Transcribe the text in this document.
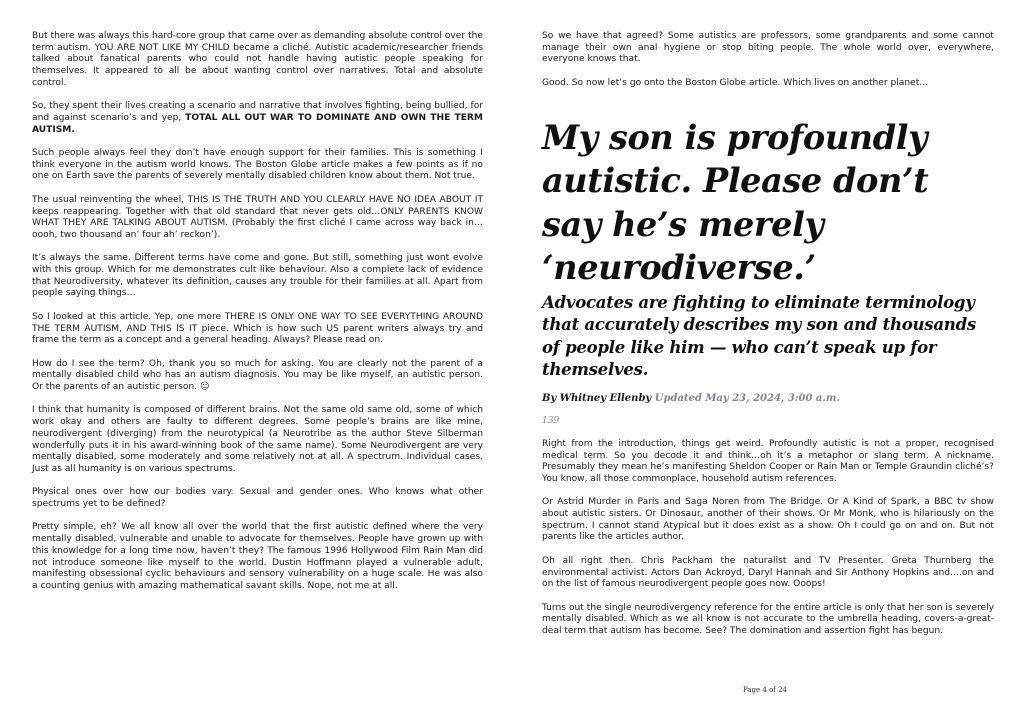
But there was always this hard-core group that came over as demanding absolute control over the term autism. YOU ARE NOT LIKE MY CHILD became a cliché. Autistic academic/researcher friends talked about fanatical parents who could not handle having autistic people speaking for themselves. It appeared to all be about wanting control over narratives. Total and absolute control.

So, they spent their lives creating a scenario and narrative that involves fighting, being bullied, for and against scenario’s and yep, TOTAL ALL OUT WAR TO DOMINATE AND OWN THE TERM AUTISM.

Such people always feel they don’t have enough support for their families. This is something I think everyone in the autism world knows. The Boston Globe article makes a few points as if no one on Earth save the parents of severely mentally disabled children know about them. Not true.

The usual reinventing the wheel, THIS IS THE TRUTH AND YOU CLEARLY HAVE NO IDEA ABOUT IT keeps reappearing. Together with that old standard that never gets old…ONLY PARENTS KNOW WHAT THEY ARE TALKING ABOUT AUTISM. (Probably the first cliché I came across way back in…oooh, two thousand an’ four ah’ reckon’).

It’s always the same. Different terms have come and gone. But still, something just wont evolve with this group. Which for me demonstrates cult like behaviour. Also a complete lack of evidence that Neurodiversity, whatever its definition, causes any trouble for their families at all. Apart from people saying things…

So I looked at this article. Yep, one more THERE IS ONLY ONE WAY TO SEE EVERYTHING AROUND THE TERM AUTISM, AND THIS IS IT piece. Which is how such US parent writers always try and frame the term as a concept and a general heading. Always? Please read on.

How do I see the term? Oh, thank you so much for asking. You are clearly not the parent of a mentally disabled child who has an autism diagnosis. You may be like myself, an autistic person. Or the parents of an autistic person. ☺

I think that humanity is composed of different brains. Not the same old same old, some of which work okay and others are faulty to different degrees. Some people’s brains are like mine, neurodivergent (diverging) from the neurotypical (a Neurotribe as the author Steve Silberman wonderfully puts it in his award-winning book of the same name). Some Neurodivergent are very mentally disabled, some moderately and some relatively not at all. A spectrum. Individual cases. Just as all humanity is on various spectrums.

Physical ones over how our bodies vary. Sexual and gender ones. Who knows what other spectrums yet to be defined?

Pretty simple, eh? We all know all over the world that the first autistic defined where the very mentally disabled, vulnerable and unable to advocate for themselves. People have grown up with this knowledge for a long time now, haven’t they? The famous 1996 Hollywood Film Rain Man did not introduce someone like myself to the world. Dustin Hoffmann played a vulnerable adult, manifesting obsessional cyclic behaviours and sensory vulnerability on a huge scale. He was also a counting genius with amazing mathematical savant skills. Nope, not me at all.

So we have that agreed? Some autistics are professors, some grandparents and some cannot manage their own anal hygiene or stop biting people. The whole world over, everywhere, everyone knows that.

Good. So now let’s go onto the Boston Globe article. Which lives on another planet…

My son is profoundly autistic. Please don’t say he’s merely ‘neurodiverse.’
Advocates are fighting to eliminate terminology that accurately describes my son and thousands of people like him — who can’t speak up for themselves.

By Whitney Ellenby Updated May 23, 2024, 3:00 a.m.

139

Right from the introduction, things get weird. Profoundly autistic is not a proper, recognised medical term. So you decode it and think…oh it’s a metaphor or slang term. A nickname. Presumably they mean he’s manifesting Sheldon Cooper or Rain Man or Temple Graundin cliché’s? You know, all those commonplace, household autism references.

Or Astrid Murder in Paris and Saga Noren from The Bridge. Or A Kind of Spark, a BBC tv show about autistic sisters. Or Dinosaur, another of their shows. Or Mr Monk, who is hilariously on the spectrum. I cannot stand Atypical but it does exist as a show. Oh I could go on and on. But not parents like the articles author.

Oh all right then. Chris Packham the naturalist and TV Presenter. Greta Thurnberg the environmental activist. Actors Dan Ackroyd, Daryl Hannah and Sir Anthony Hopkins and….on and on the list of famous neurodivergent people goes now. Ooops!

Turns out the single neurodivergency reference for the entire article is only that her son is severely mentally disabled. Which as we all know is not accurate to the umbrella heading, covers-a-great-deal term that autism has become. See? The domination and assertion fight has begun.

Page 4 of 24
